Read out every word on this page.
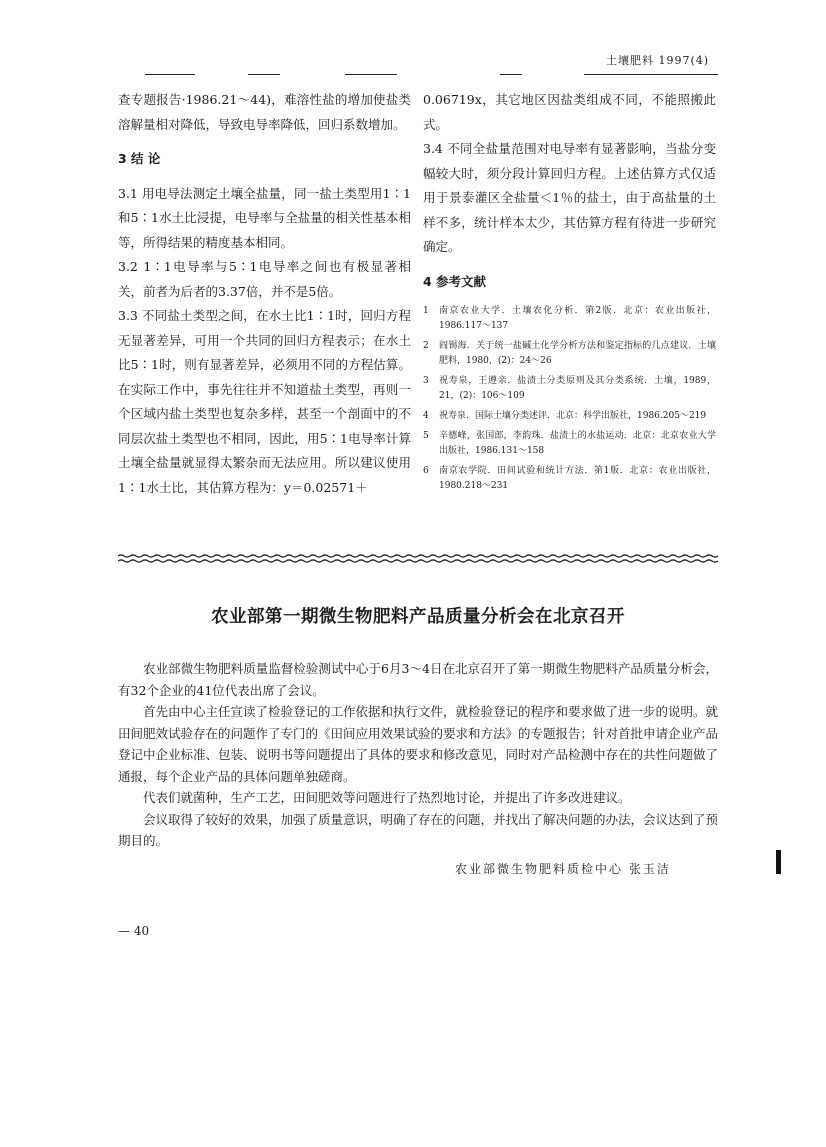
土壤肥料 1997(4)

查专题报告·1986.21～44)，难溶性盐的增加使盐类溶解量相对降低，导致电导率降低，回归系数增加。

3 结 论

3.1 用电导法测定土壤全盐量，同一盐土类型用1∶1和5∶1水土比浸提，电导率与全盐量的相关性基本相等，所得结果的精度基本相同。

3.2 1∶1电导率与5∶1电导率之间也有极显著相关，前者为后者的3.37倍，并不是5倍。

3.3 不同盐土类型之间，在水土比1∶1时，回归方程无显著差异，可用一个共同的回归方程表示；在水土比5∶1时，则有显著差异，必须用不同的方程估算。在实际工作中，事先往往并不知道盐土类型，再则一个区域内盐土类型也复杂多样，甚至一个剖面中的不同层次盐土类型也不相同，因此，用5∶1电导率计算土壤全盐量就显得太繁杂而无法应用。所以建议使用1∶1水土比，其估算方程为：y＝0.02571＋

0.06719x，其它地区因盐类组成不同，不能照搬此式。

3.4 不同全盐量范围对电导率有显著影响，当盐分变幅较大时，须分段计算回归方程。上述估算方式仅适用于景泰灌区全盐量＜1％的盐土，由于高盐量的土样不多，统计样本太少，其估算方程有待进一步研究确定。

4 参考文献

1	南京农业大学．土壤农化分析．第2版．北京：农业出版社，1986.117～137
2	阎锡海．关于统一盐碱土化学分析方法和鉴定指标的几点建议．土壤肥料，1980，(2)：24～26
3	祝寿泉，王遵亲．盐渍土分类原则及其分类系统．土壤，1989，21，(2)：106～109
4	祝寿泉．国际土壤分类述评．北京：科学出版社，1986.205～219
5	辛德峰，张国郎，李韵珠．盐渍土的水盐运动．北京：北京农业大学出版社，1986.131～158
6	南京农学院．田间试验和统计方法．第1版．北京：农业出版社，1980.218～231
农业部第一期微生物肥料产品质量分析会在北京召开

农业部微生物肥料质量监督检验测试中心于6月3～4日在北京召开了第一期微生物肥料产品质量分析会，有32个企业的41位代表出席了会议。

首先由中心主任宣读了检验登记的工作依据和执行文件，就检验登记的程序和要求做了进一步的说明。就田间肥效试验存在的问题作了专门的《田间应用效果试验的要求和方法》的专题报告；针对首批申请企业产品登记中企业标准、包装、说明书等问题提出了具体的要求和修改意见，同时对产品检测中存在的共性问题做了通报，每个企业产品的具体问题单独磋商。

代表们就菌种，生产工艺，田间肥效等问题进行了热烈地讨论，并提出了许多改进建议。

会议取得了较好的效果，加强了质量意识，明确了存在的问题，并找出了解决问题的办法，会议达到了预期目的。

农业部微生物肥料质检中心 张玉洁
— 40
